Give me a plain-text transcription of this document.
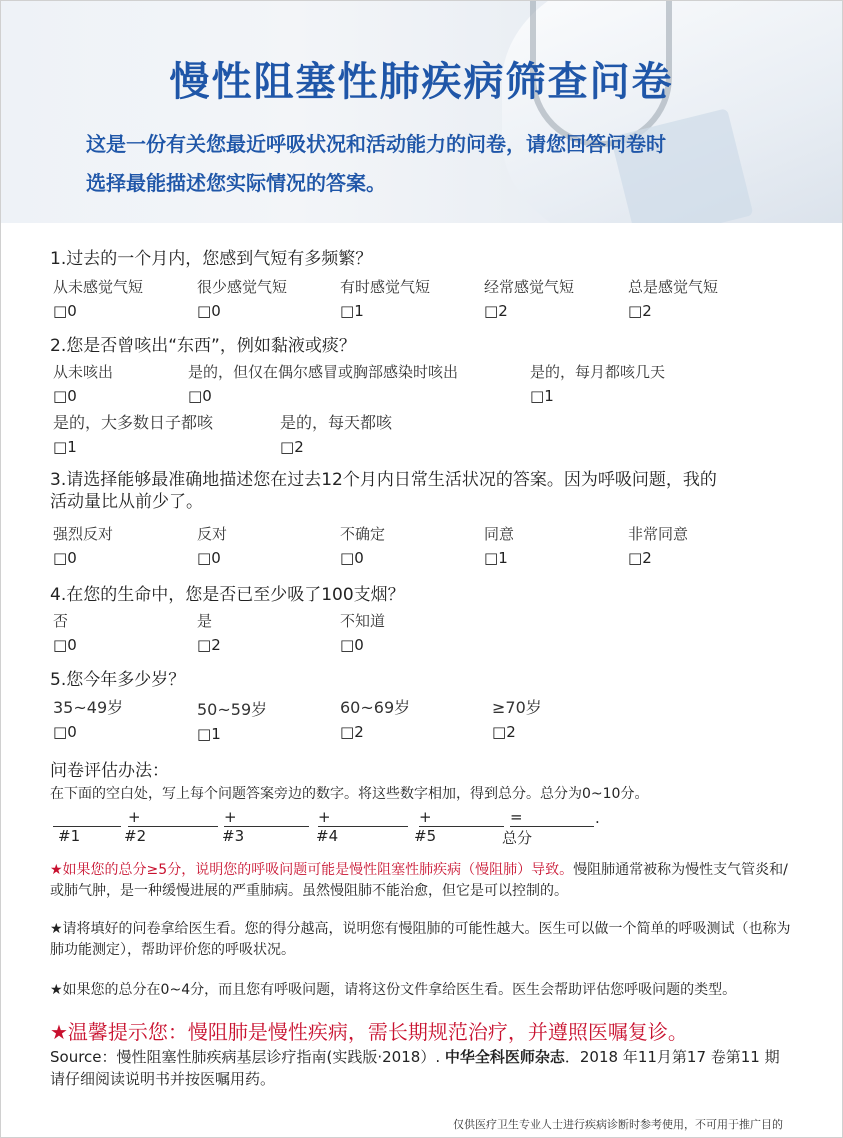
慢性阻塞性肺疾病筛查问卷
这是一份有关您最近呼吸状况和活动能力的问卷，请您回答问卷时
选择最能描述您实际情况的答案。
1.过去的一个月内，您感到气短有多频繁？
从未感觉气短	很少感觉气短	有时感觉气短	经常感觉气短	总是感觉气短
□ 0	□ 0	□ 1	□ 2	□ 2
2.您是否曾咳出“东西”，例如黏液或痰？
从未咳出	是的，但仅在偶尔感冒或胸部感染时咳出	是的，每月都咳几天
□ 0	□ 0	□ 1
是的，大多数日子都咳	是的，每天都咳
□ 1	□ 2
3.请选择能够最准确地描述您在过去12个月内日常生活状况的答案。因为呼吸问题，我的
活动量比从前少了。
强烈反对	反对	不确定	同意	非常同意
□ 0	□ 0	□ 0	□ 1	□ 2
4.在您的生命中，您是否已至少吸了100支烟？
否	是	不知道
□ 0	□ 2	□ 0
5.您今年多少岁？
35~49岁	50~59岁	60~69岁	≥70岁
□ 0	□ 1	□ 2	□ 2
问卷评估办法：
在下面的空白处，写上每个问题答案旁边的数字。将这些数字相加，得到总分。总分为0~10分。
+	+	+	+	=	.
#1	#2	#3	#4	#5	总分
★如果您的总分≥5分，说明您的呼吸问题可能是慢性阻塞性肺疾病（慢阻肺）导致。慢阻肺通常被称为慢性支气管炎和/或肺气肿，是一种缓慢进展的严重肺病。虽然慢阻肺不能治愈，但它是可以控制的。
★请将填好的问卷拿给医生看。您的得分越高，说明您有慢阻肺的可能性越大。医生可以做一个简单的呼吸测试（也称为肺功能测定），帮助评价您的呼吸状况。
★如果您的总分在0~4分，而且您有呼吸问题，请将这份文件拿给医生看。医生会帮助评估您呼吸问题的类型。
★温馨提示您：慢阻肺是慢性疾病，需长期规范治疗，并遵照医嘱复诊。
Source：慢性阻塞性肺疾病基层诊疗指南(实践版·2018）. 中华全科医师杂志．2018 年11月第17 卷第11 期
请仔细阅读说明书并按医嘱用药。
仅供医疗卫生专业人士进行疾病诊断时参考使用，不可用于推广目的
